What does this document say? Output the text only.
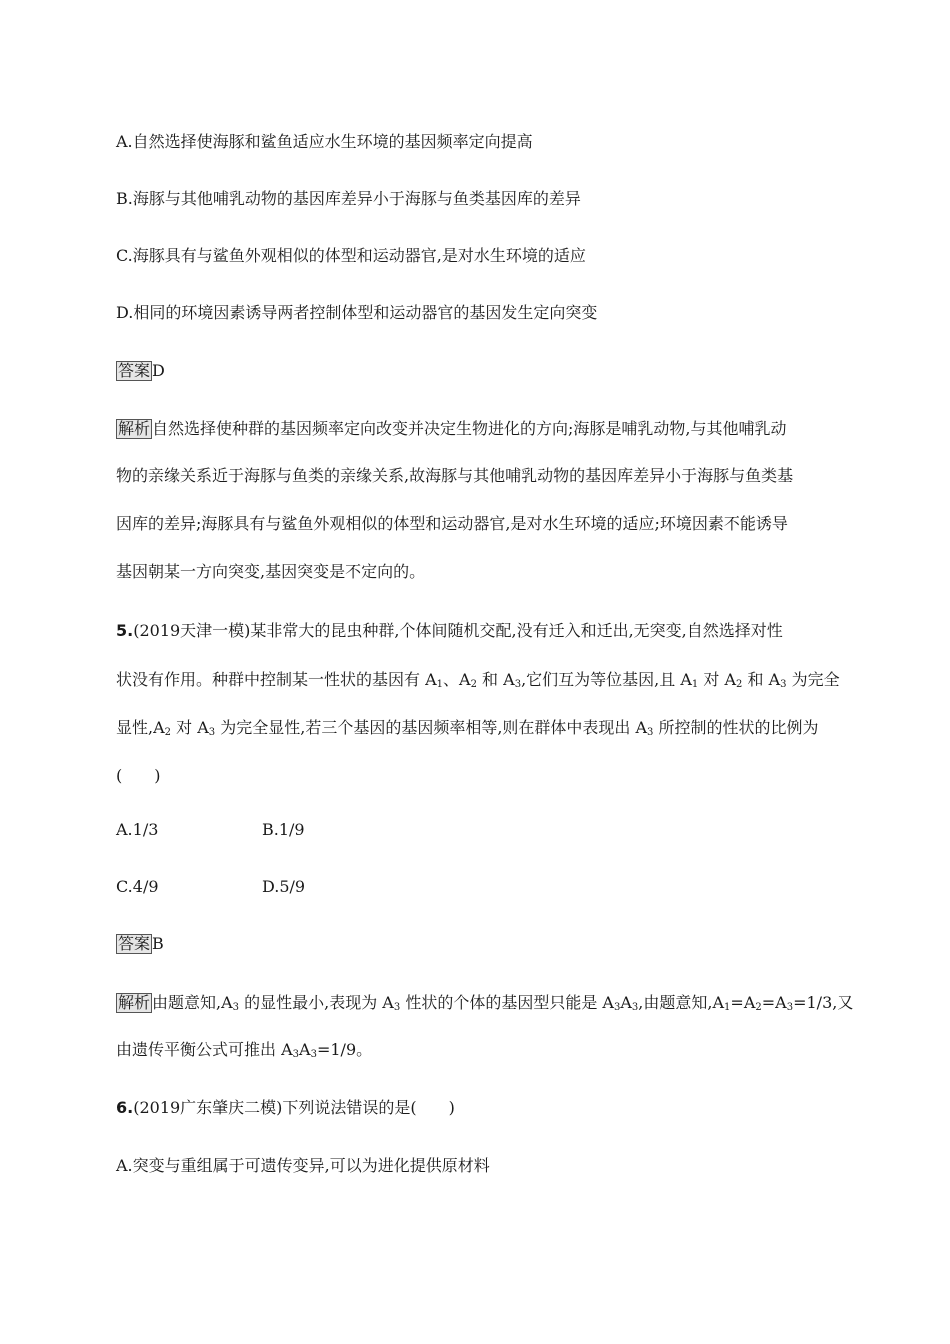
A.自然选择使海豚和鲨鱼适应水生环境的基因频率定向提高
B.海豚与其他哺乳动物的基因库差异小于海豚与鱼类基因库的差异
C.海豚具有与鲨鱼外观相似的体型和运动器官,是对水生环境的适应
D.相同的环境因素诱导两者控制体型和运动器官的基因发生定向突变
答案 D
解析 自然选择使种群的基因频率定向改变并决定生物进化的方向;海豚是哺乳动物,与其他哺乳动
物的亲缘关系近于海豚与鱼类的亲缘关系,故海豚与其他哺乳动物的基因库差异小于海豚与鱼类基
因库的差异;海豚具有与鲨鱼外观相似的体型和运动器官,是对水生环境的适应;环境因素不能诱导
基因朝某一方向突变,基因突变是不定向的。
5.(2019天津一模)某非常大的昆虫种群,个体间随机交配,没有迁入和迁出,无突变,自然选择对性
状没有作用。种群中控制某一性状的基因有 $A_1$、$A_2$ 和 $A_3$,它们互为等位基因,且 $A_1$ 对 $A_2$ 和 $A_3$ 为完全
显性$,A_2$ 对 $A_3$ 为完全显性,若三个基因的基因频率相等,则在群体中表现出 $A_3$ 所控制的性状的比例为
(　　)
A.1/3	B.1/9
C.4/9	D.5/9
答案 B
解析 由题意知$,A_3$ 的显性最小,表现为 $A_3$ 性状的个体的基因型只能是 $A_3A_3$,由题意知$,A_1=A_2=A_3=1/3$,又
由遗传平衡公式可推出 $A_3A_3=1/9$。
6.(2019广东肇庆二模)下列说法错误的是(　　)
A.突变与重组属于可遗传变异,可以为进化提供原材料
